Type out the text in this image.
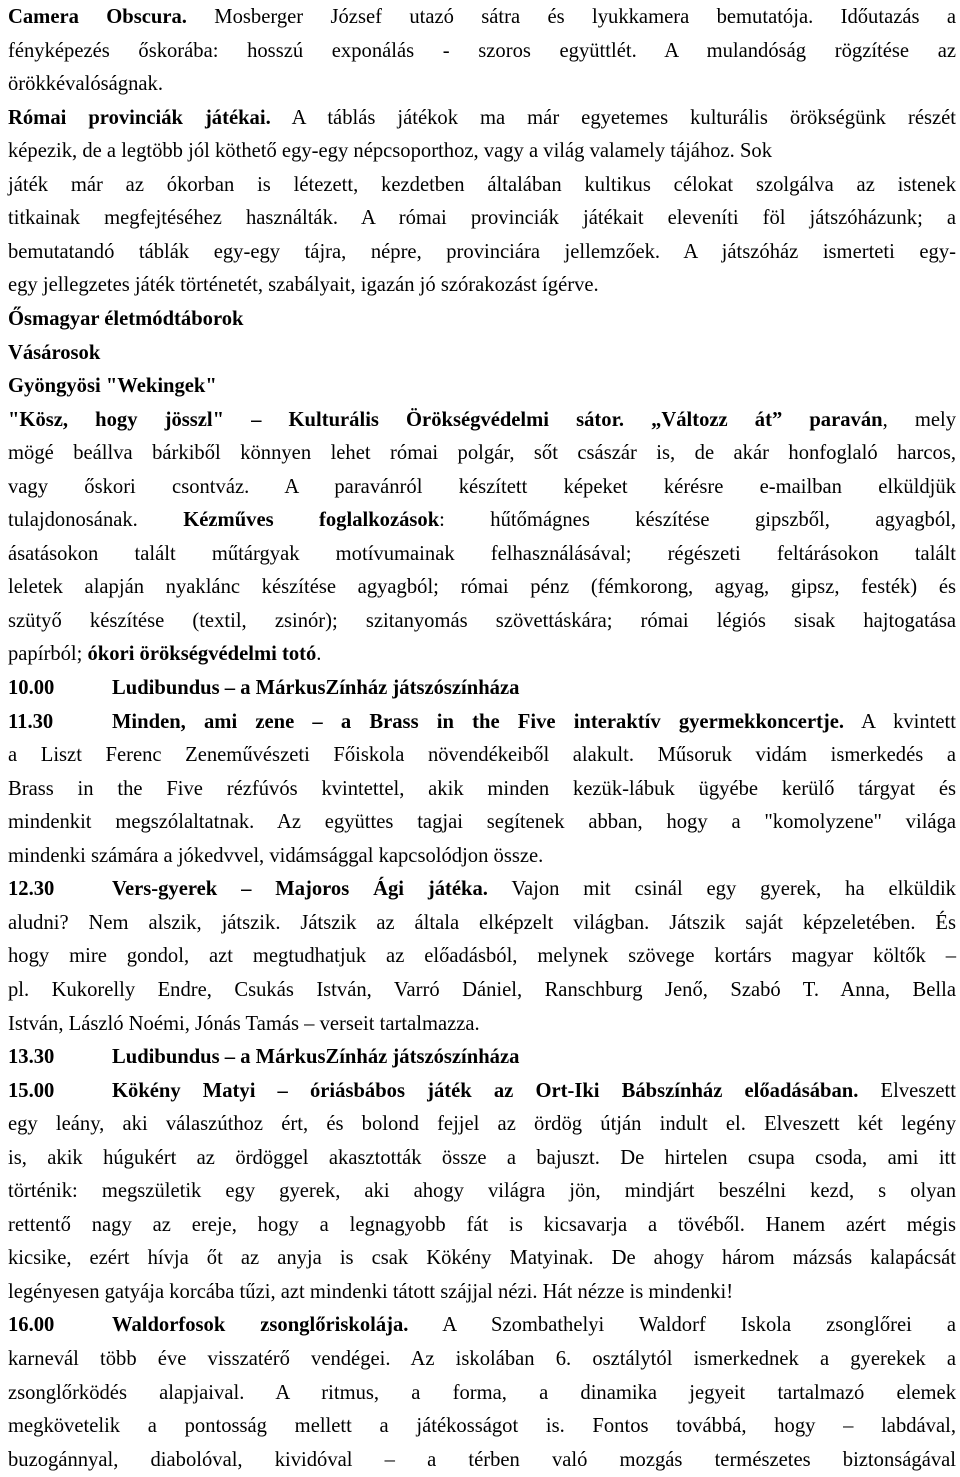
Camera Obscura. Mosberger József utazó sátra és lyukkamera bemutatója. Időutazás a
fényképezés őskorába: hosszú exponálás - szoros együttlét. A mulandóság rögzítése az
örökkévalóságnak.
Római provinciák játékai. A táblás játékok ma már egyetemes kulturális örökségünk részét
képezik, de a legtöbb jól köthető egy-egy népcsoporthoz, vagy a világ valamely tájához. Sok
játék már az ókorban is létezett, kezdetben általában kultikus célokat szolgálva az istenek
titkainak megfejtéséhez használták. A római provinciák játékait eleveníti föl játszóházunk; a
bemutatandó táblák egy-egy tájra, népre, provinciára jellemzőek. A játszóház ismerteti egy-
egy jellegzetes játék történetét, szabályait, igazán jó szórakozást ígérve.
Ősmagyar életmódtáborok
Vásárosok
Gyöngyösi "Wekingek"
"Kösz, hogy jösszl" – Kulturális Örökségvédelmi sátor. „Változz át” paraván, mely
mögé beállva bárkiből könnyen lehet római polgár, sőt császár is, de akár honfoglaló harcos,
vagy őskori csontváz. A paravánról készített képeket kérésre e-mailban elküldjük
tulajdonosának. Kézműves foglalkozások: hűtőmágnes készítése gipszből, agyagból,
ásatásokon talált műtárgyak motívumainak felhasználásával; régészeti feltárásokon talált
leletek alapján nyaklánc készítése agyagból; római pénz (fémkorong, agyag, gipsz, festék) és
szütyő készítése (textil, zsinór); szitanyomás szövettáskára; római légiós sisak hajtogatása
papírból; ókori örökségvédelmi totó.
10.00	Ludibundus – a MárkusZínház játszószínháza
11.30	Minden, ami zene – a Brass in the Five interaktív gyermekkoncertje. A kvintett
a Liszt Ferenc Zeneművészeti Főiskola növendékeiből alakult. Műsoruk vidám ismerkedés a
Brass in the Five rézfúvós kvintettel, akik minden kezük-lábuk ügyébe kerülő tárgyat és
mindenkit megszólaltatnak. Az együttes tagjai segítenek abban, hogy a "komolyzene" világa
mindenki számára a jókedvvel, vidámsággal kapcsolódjon össze.
12.30	Vers-gyerek – Majoros Ági játéka. Vajon mit csinál egy gyerek, ha elküldik
aludni? Nem alszik, játszik. Játszik az általa elképzelt világban. Játszik saját képzeletében. És
hogy mire gondol, azt megtudhatjuk az előadásból, melynek szövege kortárs magyar költők –
pl. Kukorelly Endre, Csukás István, Varró Dániel, Ranschburg Jenő, Szabó T. Anna, Bella
István, László Noémi, Jónás Tamás – verseit tartalmazza.
13.30	Ludibundus – a MárkusZínház játszószínháza
15.00	Kökény Matyi – óriásbábos játék az Ort-Iki Bábszínház előadásában. Elveszett
egy leány, aki válaszúthoz ért, és bolond fejjel az ördög útján indult el. Elveszett két legény
is, akik húgukért az ördöggel akasztották össze a bajuszt. De hirtelen csupa csoda, ami itt
történik: megszületik egy gyerek, aki ahogy világra jön, mindjárt beszélni kezd, s olyan
rettentő nagy az ereje, hogy a legnagyobb fát is kicsavarja a tövéből. Hanem azért mégis
kicsike, ezért hívja őt az anyja is csak Kökény Matyinak. De ahogy három mázsás kalapácsát
legényesen gatyája korcába tűzi, azt mindenki tátott szájjal nézi. Hát nézze is mindenki!
16.00	Waldorfosok zsonglőriskolája. A Szombathelyi Waldorf Iskola zsonglőrei a
karnevál több éve visszatérő vendégei. Az iskolában 6. osztálytól ismerkednek a gyerekek a
zsonglőrködés alapjaival. A ritmus, a forma, a dinamika jegyeit tartalmazó elemek
megkövetelik a pontosság mellett a játékosságot is. Fontos továbbá, hogy – labdával,
buzogánnyal, diabolóval, kividóval – a térben való mozgás természetes biztonságával
